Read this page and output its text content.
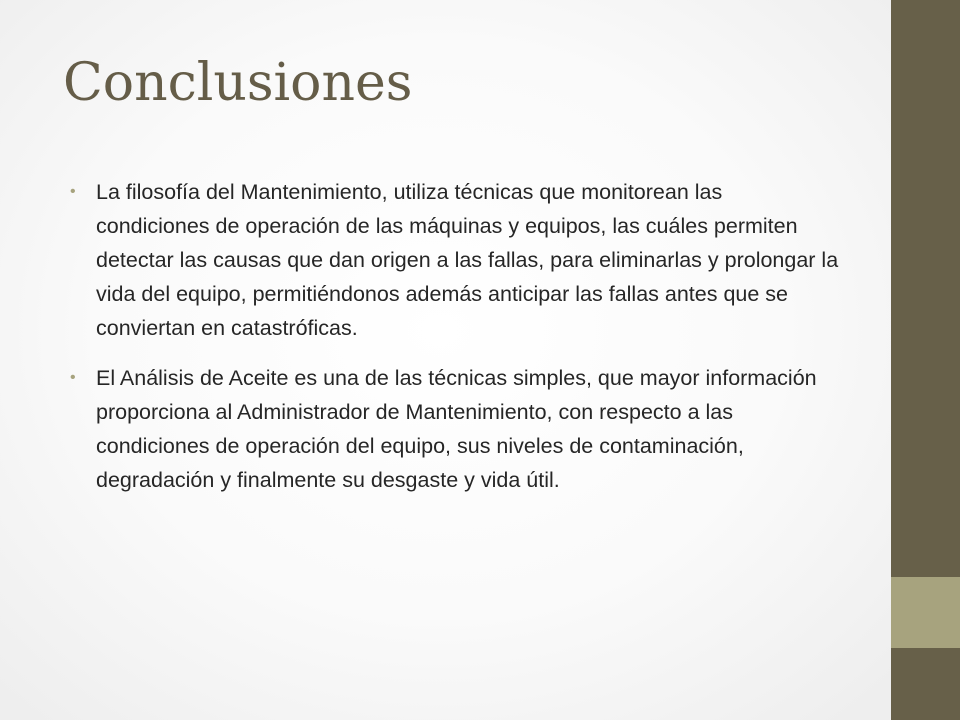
Conclusiones
• La filosofía del Mantenimiento, utiliza técnicas que monitorean las condiciones de operación de las máquinas y equipos, las cuáles permiten detectar las causas que dan origen a las fallas, para eliminarlas y prolongar la vida del equipo, permitiéndonos además anticipar las fallas antes que se conviertan en catastróficas.
• El Análisis de Aceite es una de las técnicas simples, que mayor información proporciona al Administrador de Mantenimiento, con respecto a las condiciones de operación del equipo, sus niveles de contaminación, degradación y finalmente su desgaste y vida útil.
